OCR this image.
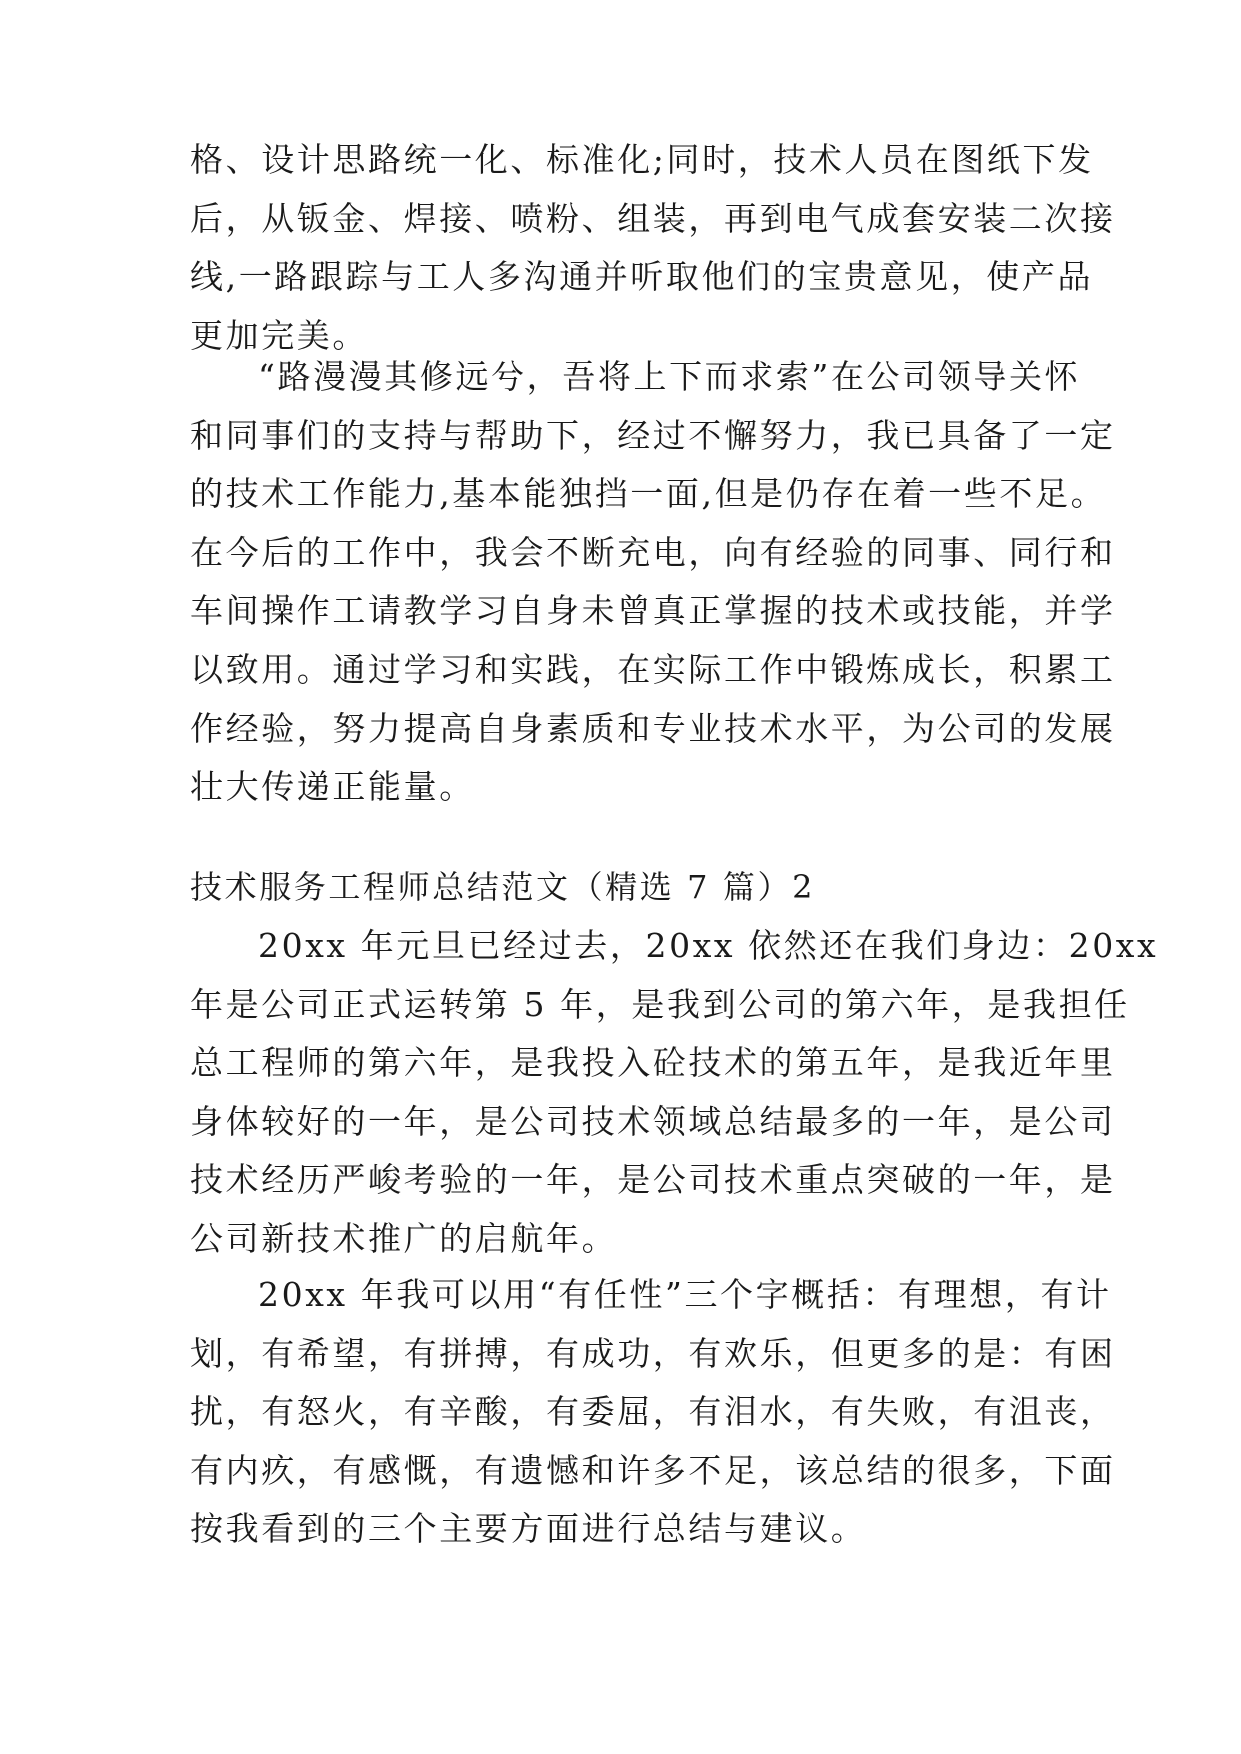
格、设计思路统一化、标准化;同时，技术人员在图纸下发
后，从钣金、焊接、喷粉、组装，再到电气成套安装二次接
线,一路跟踪与工人多沟通并听取他们的宝贵意见，使产品
更加完美。
“路漫漫其修远兮，吾将上下而求索”在公司领导关怀
和同事们的支持与帮助下，经过不懈努力，我已具备了一定
的技术工作能力,基本能独挡一面,但是仍存在着一些不足。
在今后的工作中，我会不断充电，向有经验的同事、同行和
车间操作工请教学习自身未曾真正掌握的技术或技能，并学
以致用。通过学习和实践，在实际工作中锻炼成长，积累工
作经验，努力提高自身素质和专业技术水平，为公司的发展
壮大传递正能量。
技术服务工程师总结范文（精选 7 篇）2
20xx 年元旦已经过去，20xx 依然还在我们身边：20xx
年是公司正式运转第 5 年，是我到公司的第六年，是我担任
总工程师的第六年，是我投入砼技术的第五年，是我近年里
身体较好的一年，是公司技术领域总结最多的一年，是公司
技术经历严峻考验的一年，是公司技术重点突破的一年，是
公司新技术推广的启航年。
20xx 年我可以用“有任性”三个字概括：有理想，有计
划，有希望，有拼搏，有成功，有欢乐，但更多的是：有困
扰，有怒火，有辛酸，有委屈，有泪水，有失败，有沮丧，
有内疚，有感慨，有遗憾和许多不足，该总结的很多，下面
按我看到的三个主要方面进行总结与建议。
